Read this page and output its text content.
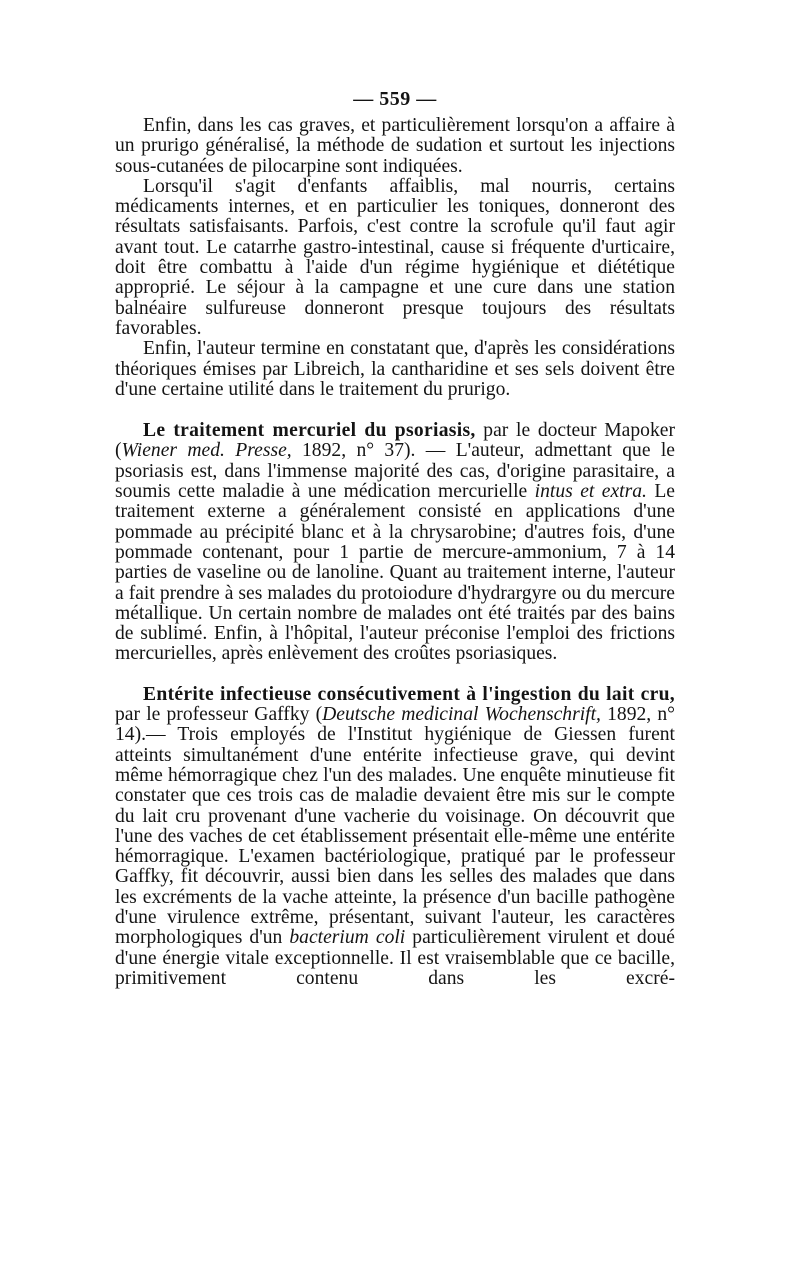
— 559 —

Enfin, dans les cas graves, et particulièrement lorsqu'on a affaire à un prurigo généralisé, la méthode de sudation et surtout les injections sous-cutanées de pilocarpine sont indiquées.

Lorsqu'il s'agit d'enfants affaiblis, mal nourris, certains médicaments internes, et en particulier les toniques, donneront des résultats satisfaisants. Parfois, c'est contre la scrofule qu'il faut agir avant tout. Le catarrhe gastro-intestinal, cause si fréquente d'urticaire, doit être combattu à l'aide d'un régime hygiénique et diététique approprié. Le séjour à la campagne et une cure dans une station balnéaire sulfureuse donneront presque toujours des résultats favorables.

Enfin, l'auteur termine en constatant que, d'après les considérations théoriques émises par Libreich, la cantharidine et ses sels doivent être d'une certaine utilité dans le traitement du prurigo.

Le traitement mercuriel du psoriasis, par le docteur Mapoker (Wiener med. Presse, 1892, n° 37). — L'auteur, admettant que le psoriasis est, dans l'immense majorité des cas, d'origine parasitaire, a soumis cette maladie à une médication mercurielle intus et extra. Le traitement externe a généralement consisté en applications d'une pommade au précipité blanc et à la chrysarobine; d'autres fois, d'une pommade contenant, pour 1 partie de mercure-ammonium, 7 à 14 parties de vaseline ou de lanoline. Quant au traitement interne, l'auteur a fait prendre à ses malades du protoiodure d'hydrargyre ou du mercure métallique. Un certain nombre de malades ont été traités par des bains de sublimé. Enfin, à l'hôpital, l'auteur préconise l'emploi des frictions mercurielles, après enlèvement des croûtes psoriasiques.

Entérite infectieuse consécutivement à l'ingestion du lait cru, par le professeur Gaffky (Deutsche medicinal Wochenschrift, 1892, n° 14).— Trois employés de l'Institut hygiénique de Giessen furent atteints simultanément d'une entérite infectieuse grave, qui devint même hémorragique chez l'un des malades. Une enquête minutieuse fit constater que ces trois cas de maladie devaient être mis sur le compte du lait cru provenant d'une vacherie du voisinage. On découvrit que l'une des vaches de cet établissement présentait elle-même une entérite hémorragique. L'examen bactériologique, pratiqué par le professeur Gaffky, fit découvrir, aussi bien dans les selles des malades que dans les excréments de la vache atteinte, la présence d'un bacille pathogène d'une virulence extrême, présentant, suivant l'auteur, les caractères morphologiques d'un bacterium coli particulièrement virulent et doué d'une énergie vitale exceptionnelle. Il est vraisemblable que ce bacille, primitivement contenu dans les excré-
